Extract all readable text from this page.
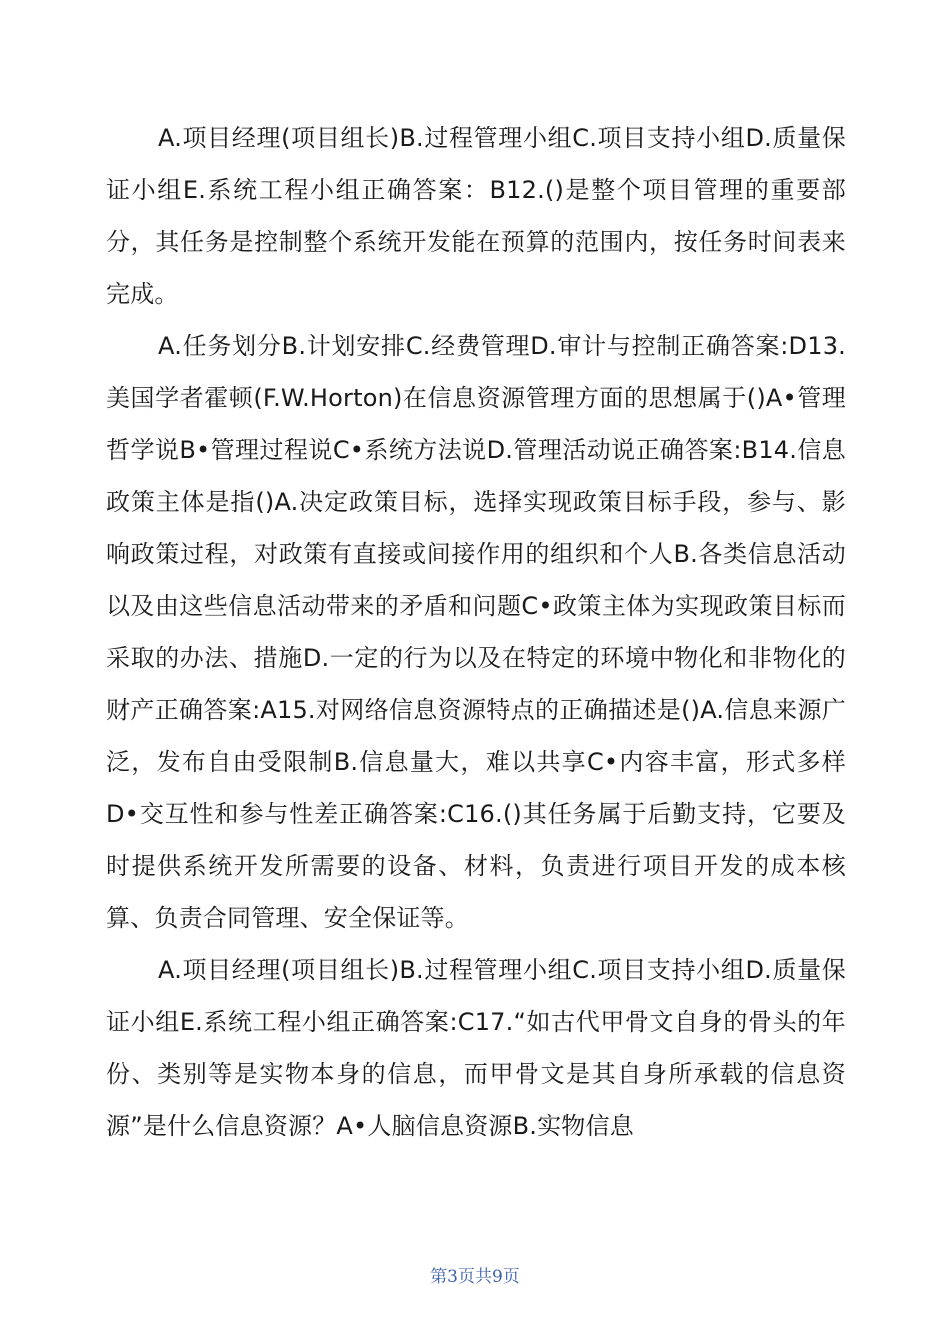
A.项目经理(项目组长)B.过程管理小组C.项目支持小组D.质量保证小组E.系统工程小组正确答案：B12.()是整个项目管理的重要部分，其任务是控制整个系统开发能在预算的范围内，按任务时间表来完成。

A.任务划分B.计划安排C.经费管理D.审计与控制正确答案:D13.美国学者霍顿(F.W.Horton)在信息资源管理方面的思想属于()A•管理哲学说B•管理过程说C•系统方法说D.管理活动说正确答案:B14.信息政策主体是指()A.决定政策目标，选择实现政策目标手段，参与、影响政策过程，对政策有直接或间接作用的组织和个人B.各类信息活动以及由这些信息活动带来的矛盾和问题C•政策主体为实现政策目标而采取的办法、措施D.一定的行为以及在特定的环境中物化和非物化的财产正确答案:A15.对网络信息资源特点的正确描述是()A.信息来源广泛，发布自由受限制B.信息量大，难以共享C•内容丰富，形式多样D•交互性和参与性差正确答案:C16.()其任务属于后勤支持，它要及时提供系统开发所需要的设备、材料，负责进行项目开发的成本核算、负责合同管理、安全保证等。

A.项目经理(项目组长)B.过程管理小组C.项目支持小组D.质量保证小组E.系统工程小组正确答案:C17.“如古代甲骨文自身的骨头的年份、类别等是实物本身的信息，而甲骨文是其自身所承载的信息资源”是什么信息资源？A•人脑信息资源B.实物信息

第3页共9页
